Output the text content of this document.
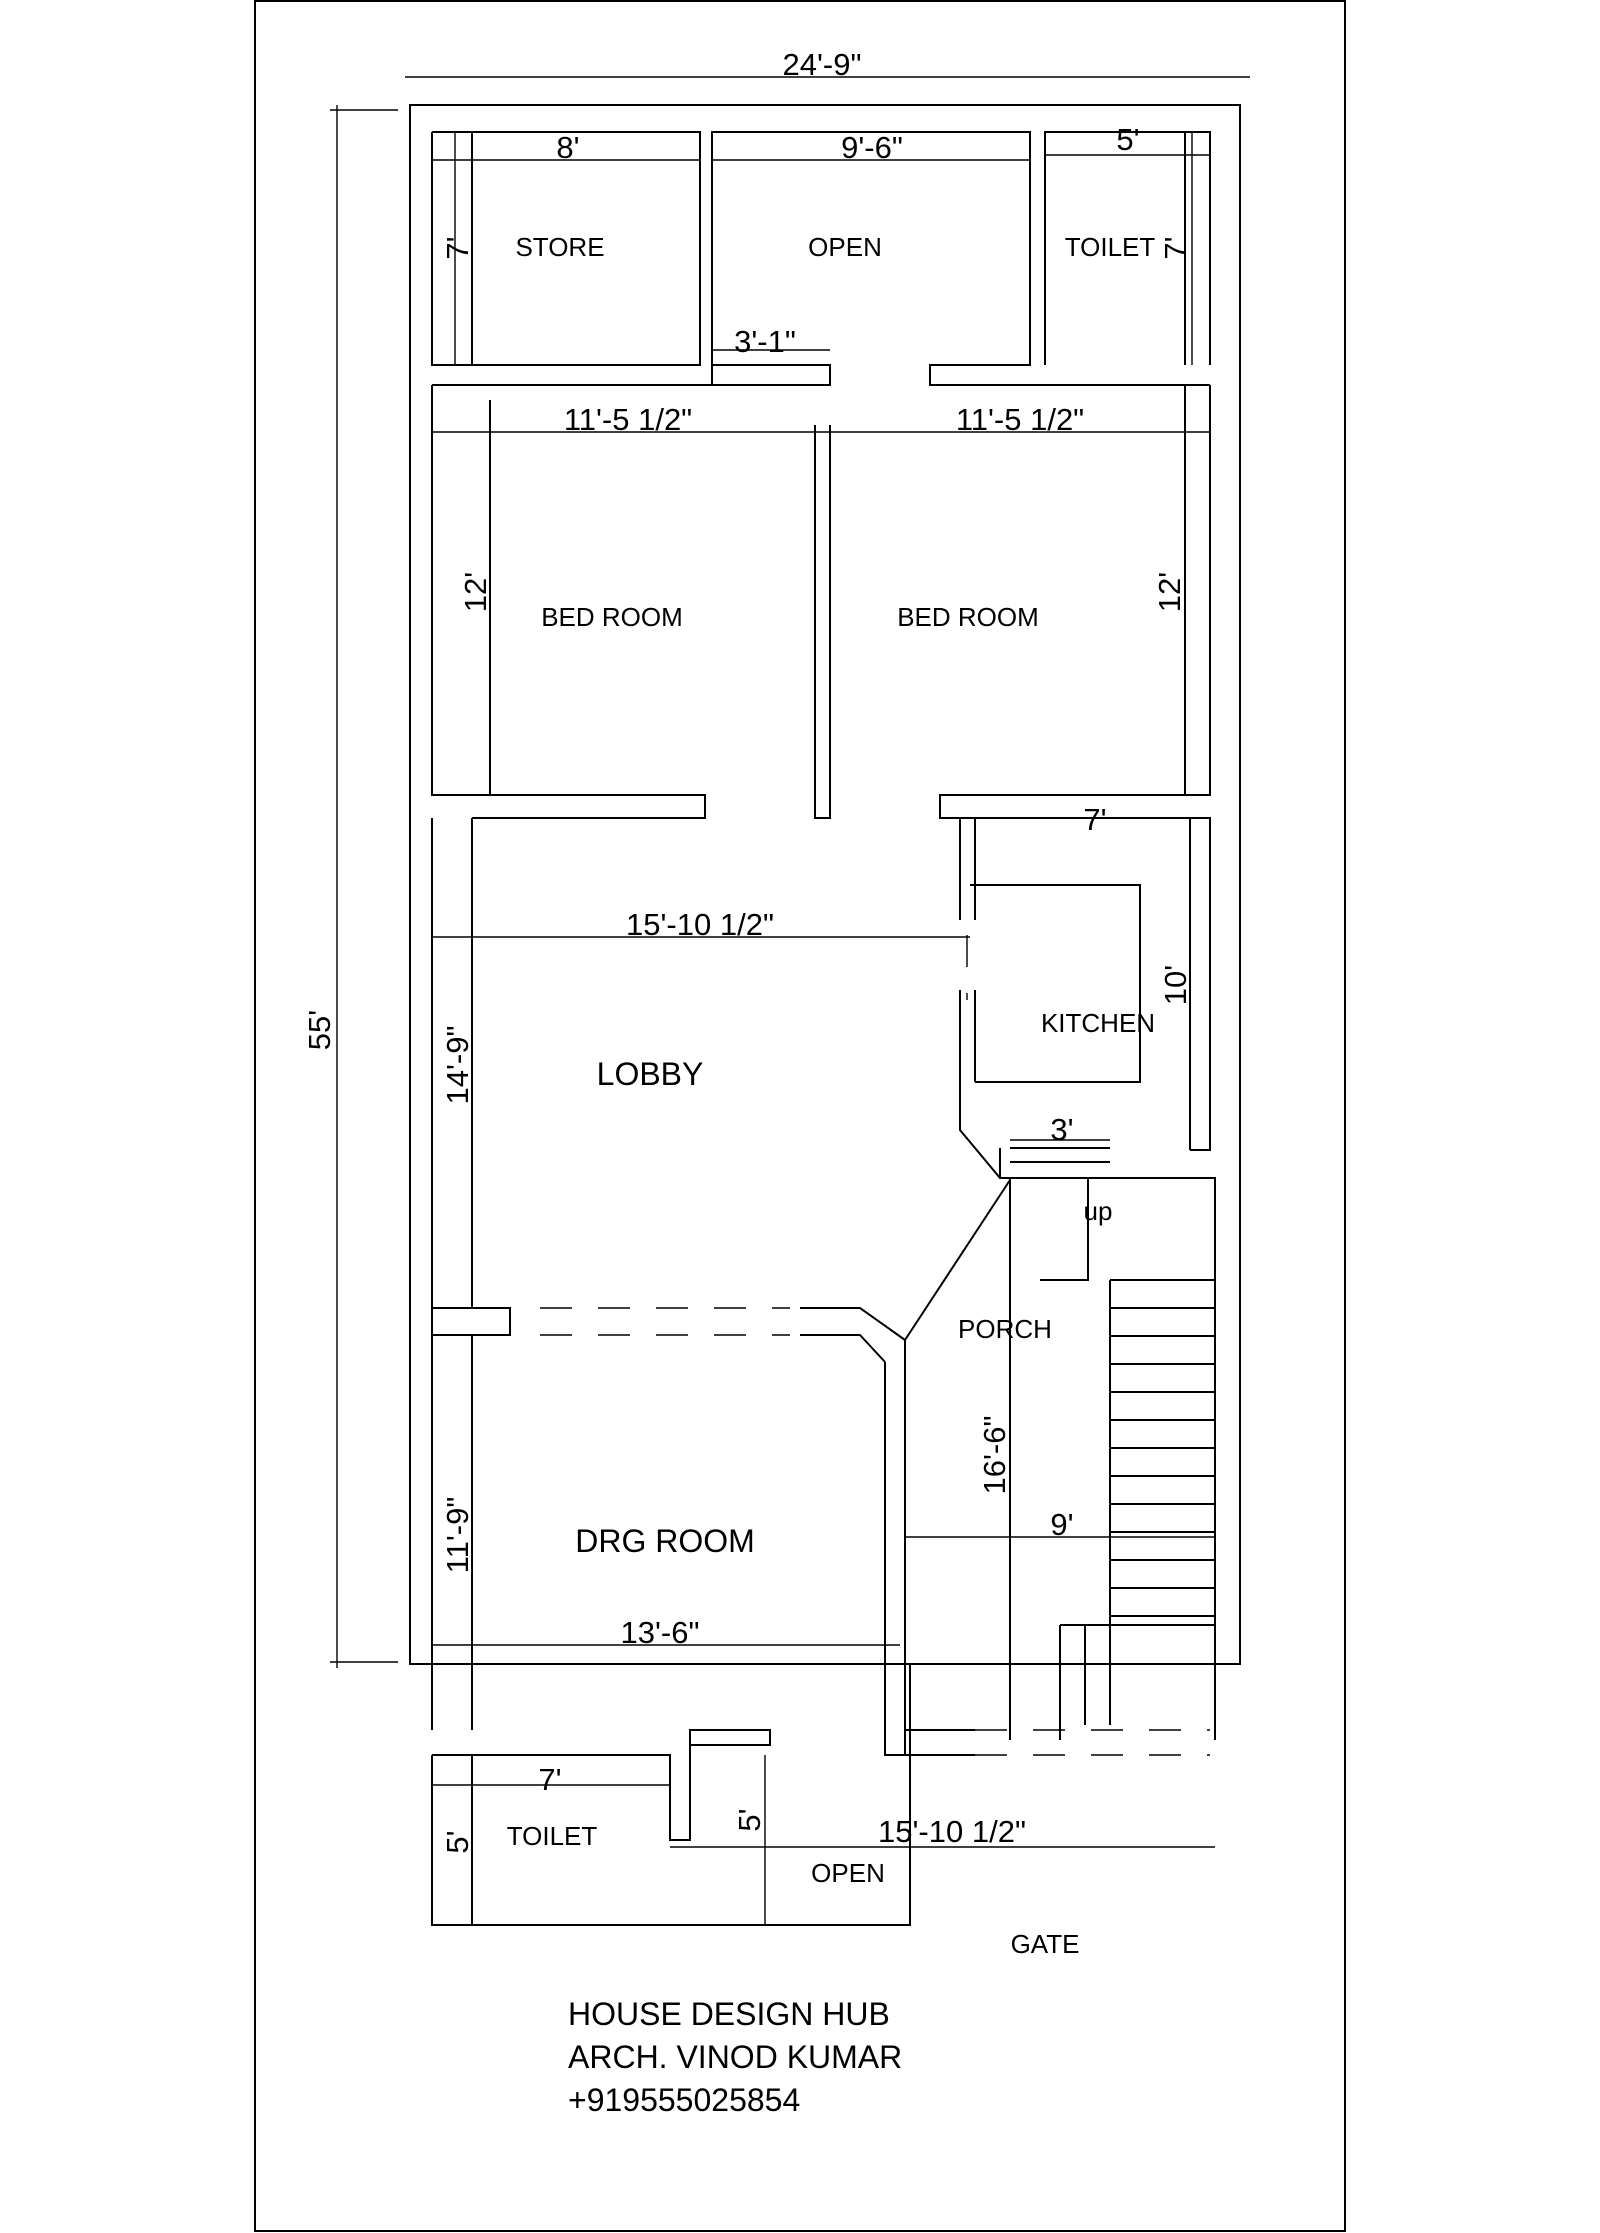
24'-9"
55'
8'
7' STORE
9'-6"
OPEN
5'
TOILET 7'
3'-1"
11'-5 1/2"	11'-5 1/2"
12'	12'
BED ROOM	BED ROOM
7'
10'
KITCHEN
3'
15'-10 1/2"
14'-9"	LOBBY
up
PORCH
16'-6"
9'
DRG ROOM
13'-6"
11'-9"
7'
5' TOILET
5'	15'-10 1/2"
OPEN
GATE
HOUSE DESIGN HUB
ARCH. VINOD KUMAR
+919555025854
